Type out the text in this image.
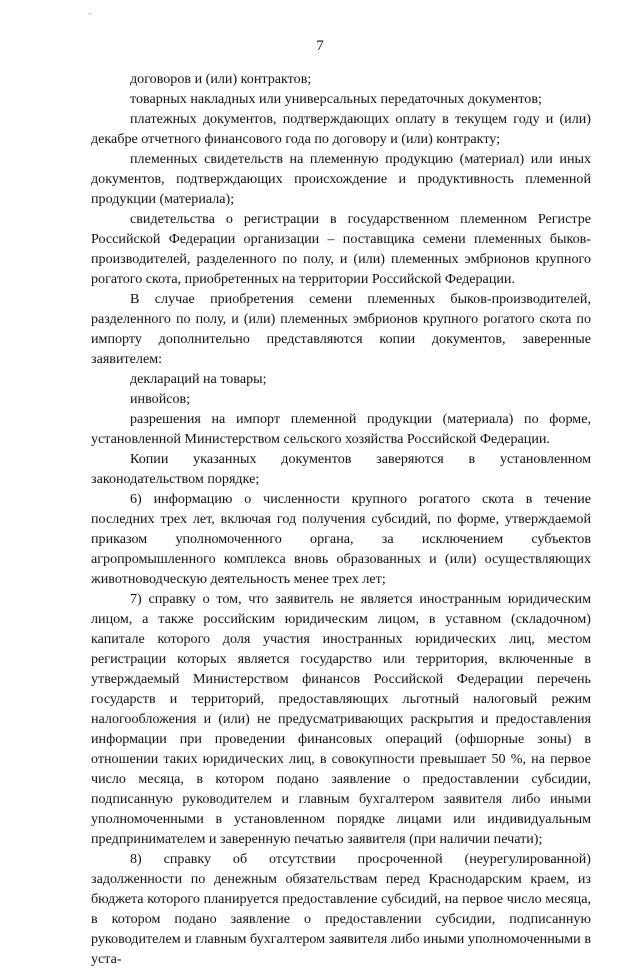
7

договоров и (или) контрактов;

товарных накладных или универсальных передаточных документов;

платежных документов, подтверждающих оплату в текущем году и (или) декабре отчетного финансового года по договору и (или) контракту;

племенных свидетельств на племенную продукцию (материал) или иных документов, подтверждающих происхождение и продуктивность племенной продукции (материала);

свидетельства о регистрации в государственном племенном Регистре Российской Федерации организации – поставщика семени племенных быков-производителей, разделенного по полу, и (или) племенных эмбрионов крупного рогатого скота, приобретенных на территории Российской Федерации.

В случае приобретения семени племенных быков-производителей, разделенного по полу, и (или) племенных эмбрионов крупного рогатого скота по импорту дополнительно представляются копии документов, заверенные заявителем:

деклараций на товары;

инвойсов;

разрешения на импорт племенной продукции (материала) по форме, установленной Министерством сельского хозяйства Российской Федерации.

Копии указанных документов заверяются в установленном законодательством порядке;

6) информацию о численности крупного рогатого скота в течение последних трех лет, включая год получения субсидий, по форме, утверждаемой приказом уполномоченного органа, за исключением субъектов агропромышленного комплекса вновь образованных и (или) осуществляющих животноводческую деятельность менее трех лет;

7) справку о том, что заявитель не является иностранным юридическим лицом, а также российским юридическим лицом, в уставном (складочном) капитале которого доля участия иностранных юридических лиц, местом регистрации которых является государство или территория, включенные в утверждаемый Министерством финансов Российской Федерации перечень государств и территорий, предоставляющих льготный налоговый режим налогообложения и (или) не предусматривающих раскрытия и предоставления информации при проведении финансовых операций (офшорные зоны) в отношении таких юридических лиц, в совокупности превышает 50 %, на первое число месяца, в котором подано заявление о предоставлении субсидии, подписанную руководителем и главным бухгалтером заявителя либо иными уполномоченными в установленном порядке лицами или индивидуальным предпринимателем и заверенную печатью заявителя (при наличии печати);

8) справку об отсутствии просроченной (неурегулированной) задолженности по денежным обязательствам перед Краснодарским краем, из бюджета которого планируется предоставление субсидий, на первое число месяца, в котором подано заявление о предоставлении субсидии, подписанную руководителем и главным бухгалтером заявителя либо иными уполномоченными в уста-
